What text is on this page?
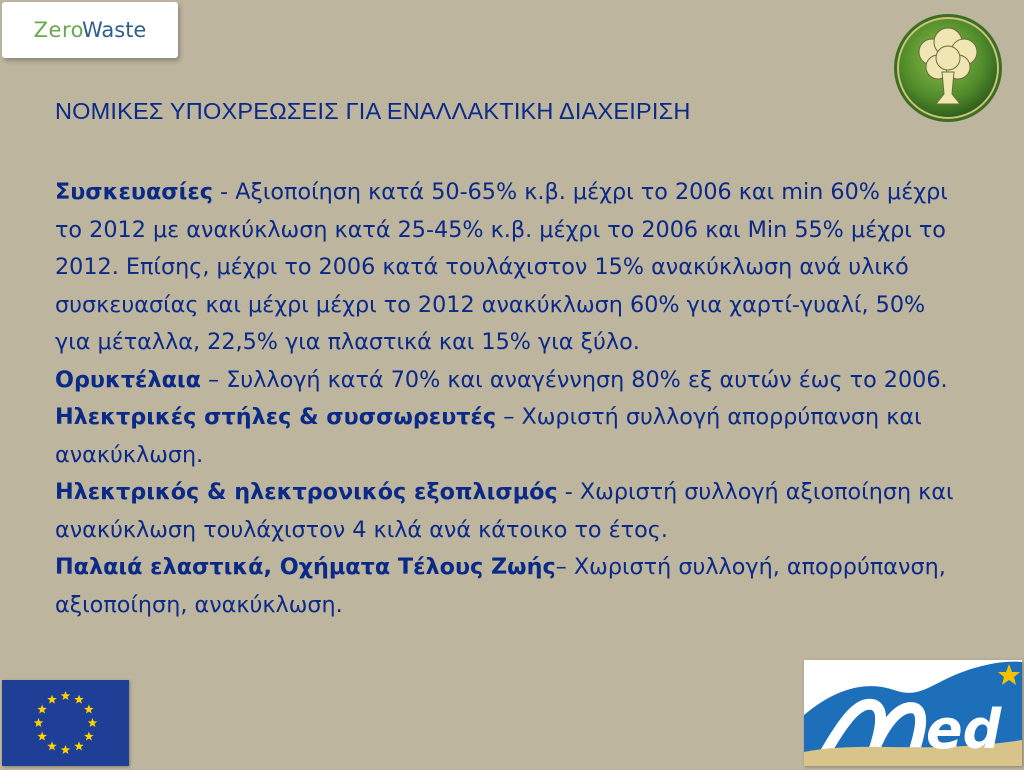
Zero
Waste
ΝΟΜΙΚΕΣ ΥΠΟΧΡΕΩΣΕΙΣ ΓΙΑ ΕΝΑΛΛΑΚΤΙΚΗ ΔΙΑΧΕΙΡΙΣΗ

Συσκευασίες - Αξιοποίηση κατά 50-65% κ.β. μέχρι το 2006 και min 60% μέχρι το 2012 με ανακύκλωση κατά 25-45% κ.β. μέχρι το 2006 και Min 55% μέχρι το 2012. Επίσης, μέχρι το 2006 κατά τουλάχιστον 15% ανακύκλωση ανά υλικό συσκευασίας και μέχρι μέχρι το 2012 ανακύκλωση 60% για χαρτί-γυαλί, 50% για μέταλλα, 22,5% για πλαστικά και 15% για ξύλο.

Ορυκτέλαια – Συλλογή κατά 70% και αναγέννηση 80% εξ αυτών έως το 2006.

Ηλεκτρικές στήλες & συσσωρευτές – Χωριστή συλλογή απορρύπανση και ανακύκλωση.

Ηλεκτρικός & ηλεκτρονικός εξοπλισμός - Χωριστή συλλογή αξιοποίηση και ανακύκλωση τουλάχιστον 4 κιλά ανά κάτοικο το έτος.

Παλαιά ελαστικά, Οχήματα Τέλους Ζωής– Χωριστή συλλογή, απορρύπανση, αξιοποίηση, ανακύκλωση.

ed
